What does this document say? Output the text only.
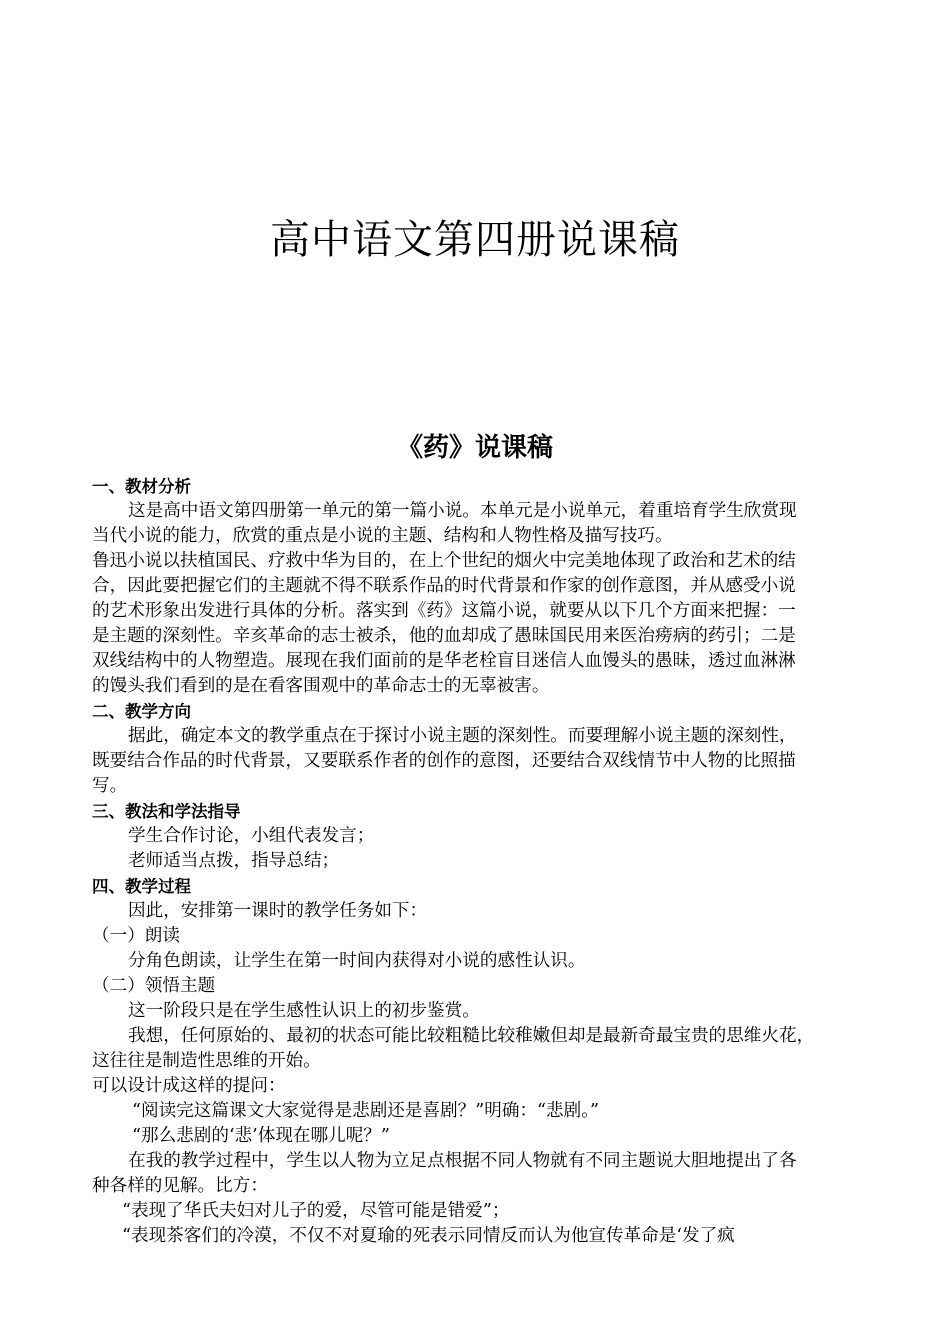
高中语文第四册说课稿
《药》说课稿

一、教材分析

这是高中语文第四册第一单元的第一篇小说。本单元是小说单元，着重培育学生欣赏现

当代小说的能力，欣赏的重点是小说的主题、结构和人物性格及描写技巧。

鲁迅小说以扶植国民、疗救中华为目的，在上个世纪的烟火中完美地体现了政治和艺术的结

合，因此要把握它们的主题就不得不联系作品的时代背景和作家的创作意图，并从感受小说

的艺术形象出发进行具体的分析。落实到《药》这篇小说，就要从以下几个方面来把握：一

是主题的深刻性。辛亥革命的志士被杀，他的血却成了愚昧国民用来医治痨病的药引；二是

双线结构中的人物塑造。展现在我们面前的是华老栓盲目迷信人血馒头的愚昧，透过血淋淋

的馒头我们看到的是在看客围观中的革命志士的无辜被害。

二、教学方向

据此，确定本文的教学重点在于探讨小说主题的深刻性。而要理解小说主题的深刻性，

既要结合作品的时代背景，又要联系作者的创作的意图，还要结合双线情节中人物的比照描

写。

三、教法和学法指导

学生合作讨论，小组代表发言；

老师适当点拨，指导总结；

四、教学过程

因此，安排第一课时的教学任务如下：

（一）朗读

分角色朗读，让学生在第一时间内获得对小说的感性认识。

（二）领悟主题

这一阶段只是在学生感性认识上的初步鉴赏。

我想，任何原始的、最初的状态可能比较粗糙比较稚嫩但却是最新奇最宝贵的思维火花，

这往往是制造性思维的开始。

可以设计成这样的提问：

“阅读完这篇课文大家觉得是悲剧还是喜剧？”明确：“悲剧。”

“那么悲剧的‘悲’体现在哪儿呢？”

在我的教学过程中，学生以人物为立足点根据不同人物就有不同主题说大胆地提出了各

种各样的见解。比方：

“表现了华氏夫妇对儿子的爱，尽管可能是错爱”；

“表现茶客们的冷漠，不仅不对夏瑜的死表示同情反而认为他宣传革命是‘发了疯
